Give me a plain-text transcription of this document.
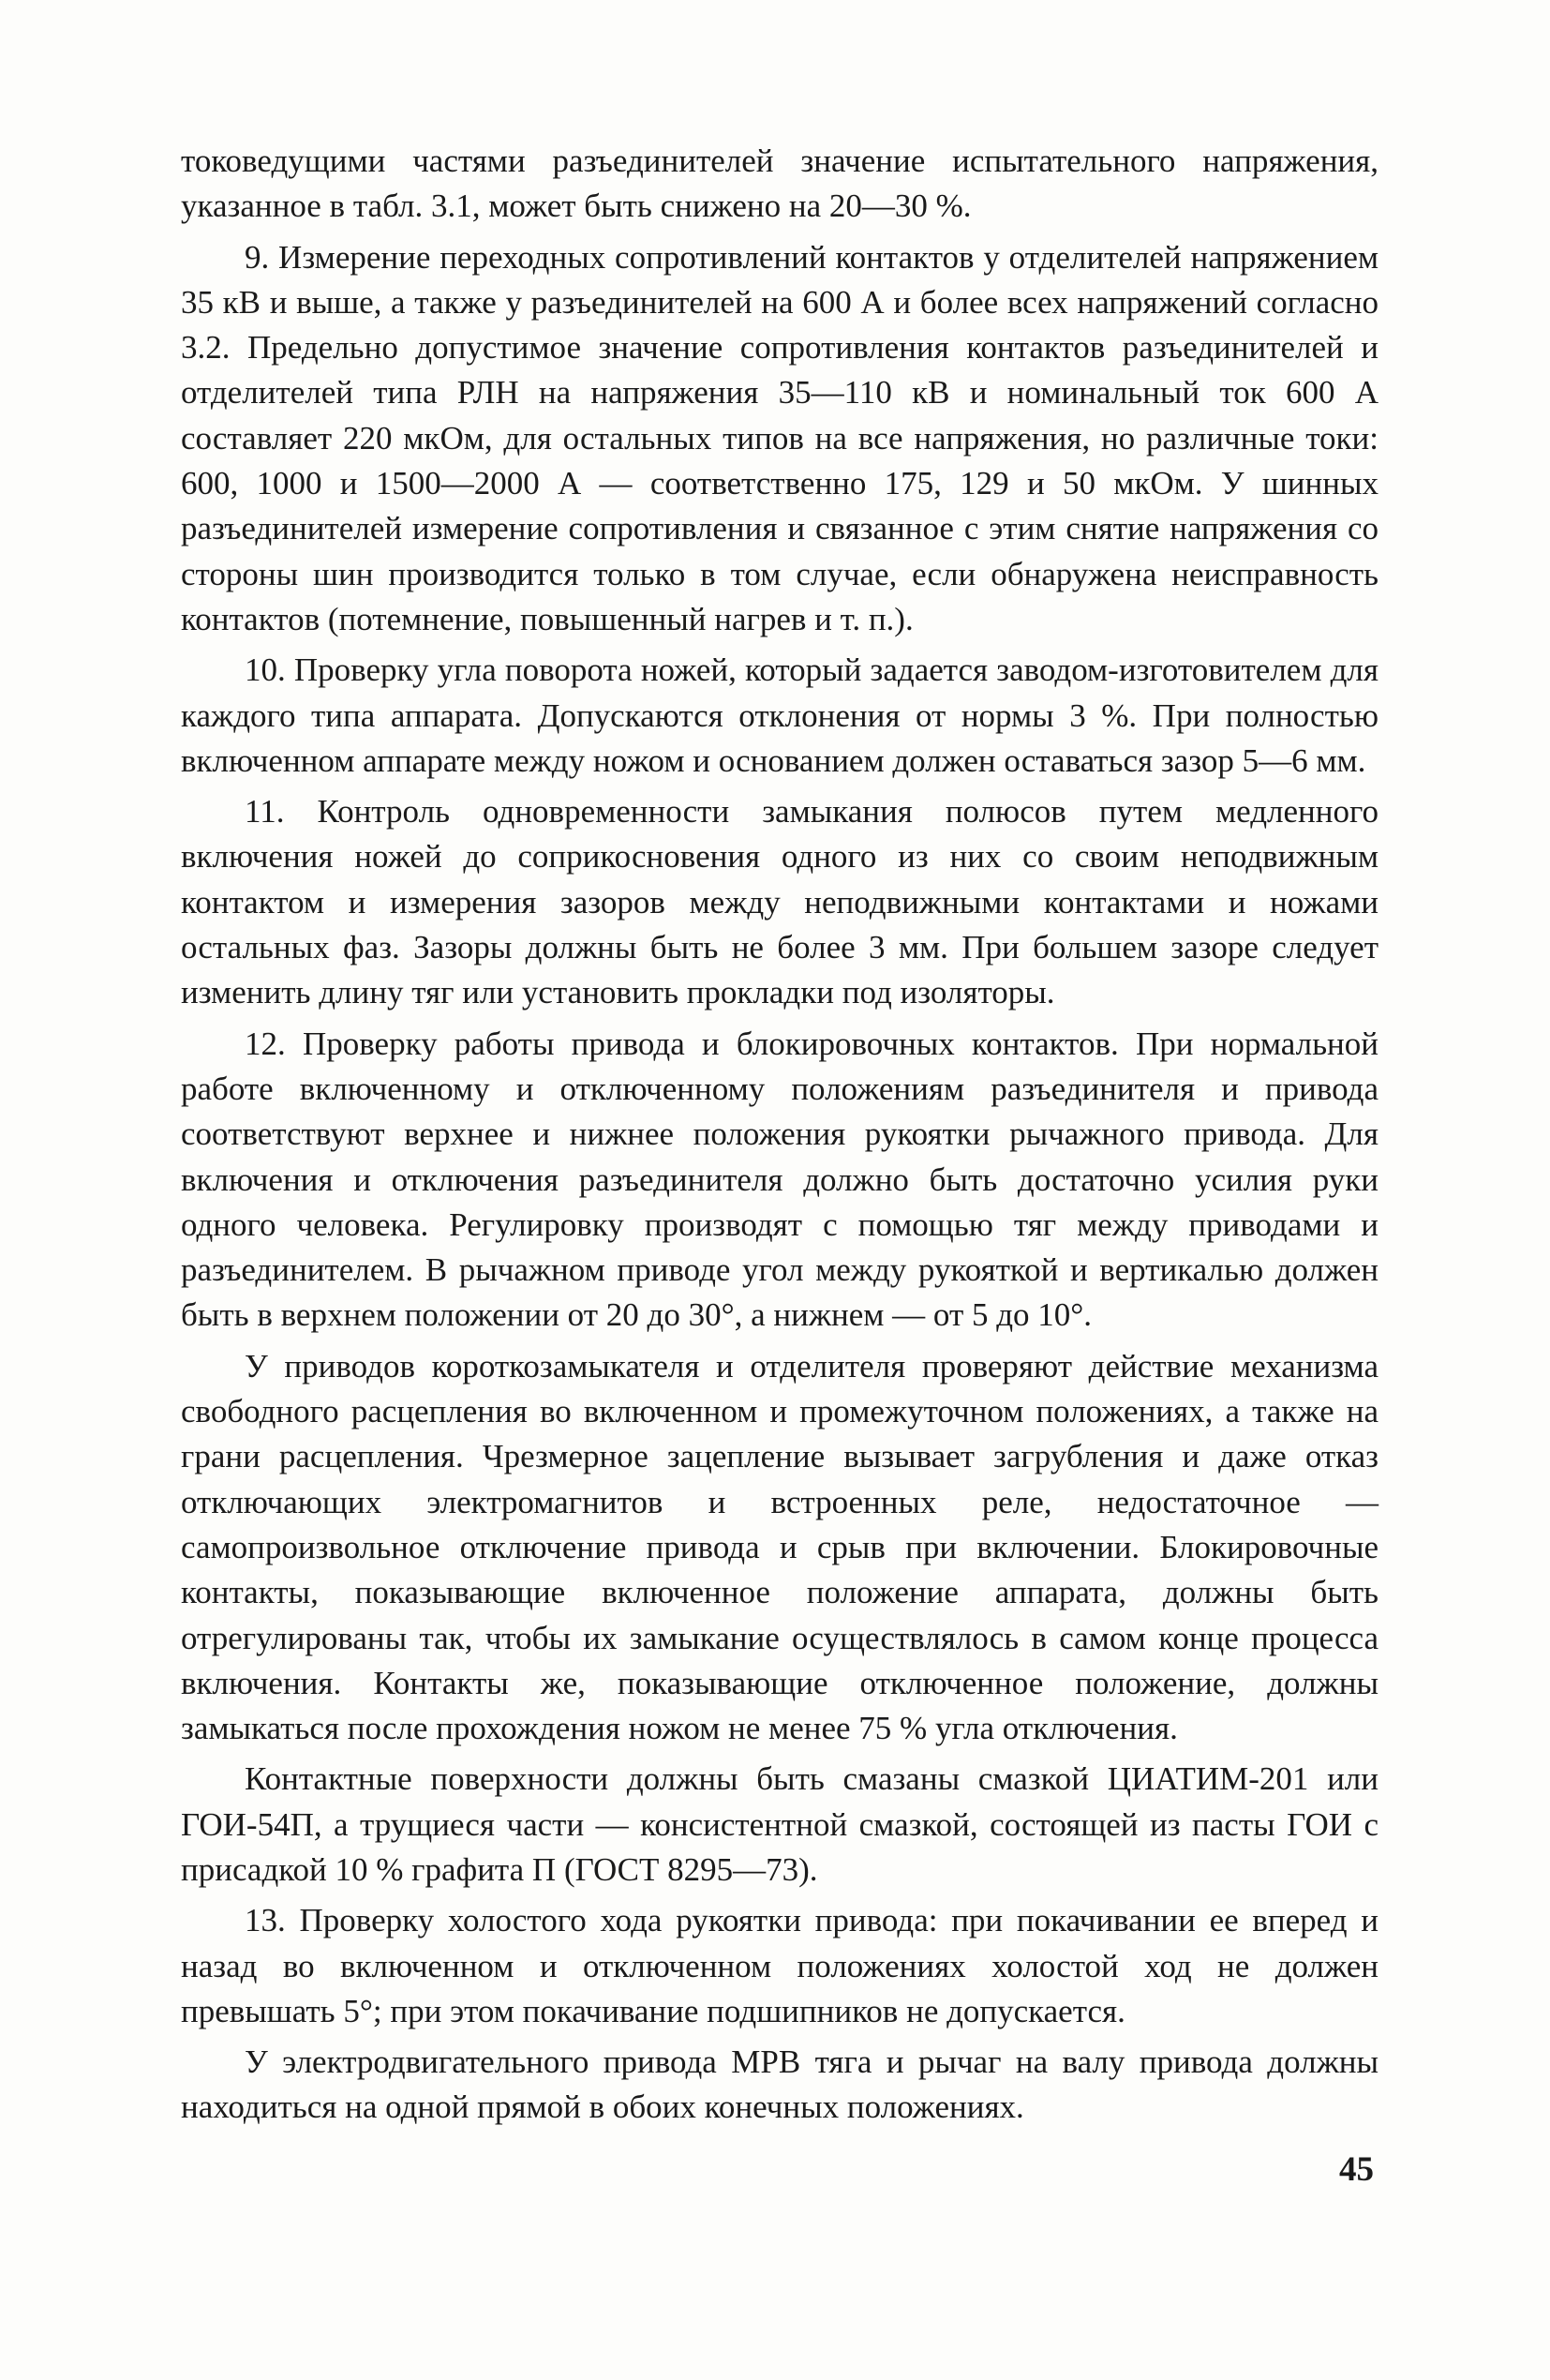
токоведущими частями разъединителей значение испытательного напряжения, указанное в табл. 3.1, может быть снижено на 20—30 %.

9. Измерение переходных сопротивлений контактов у отделителей напряжением 35 кВ и выше, а также у разъединителей на 600 А и более всех напряжений согласно 3.2. Предельно допустимое значение сопротивления контактов разъединителей и отделителей типа РЛН на напряжения 35—110 кВ и номинальный ток 600 А составляет 220 мкОм, для остальных типов на все напряжения, но различные токи: 600, 1000 и 1500—2000 А — соответственно 175, 129 и 50 мкОм. У шинных разъединителей измерение сопротивления и связанное с этим снятие напряжения со стороны шин производится только в том случае, если обнаружена неисправность контактов (потемнение, повышенный нагрев и т. п.).

10. Проверку угла поворота ножей, который задается заводом-изготовителем для каждого типа аппарата. Допускаются отклонения от нормы 3 %. При полностью включенном аппарате между ножом и основанием должен оставаться зазор 5—6 мм.

11. Контроль одновременности замыкания полюсов путем медленного включения ножей до соприкосновения одного из них со своим неподвижным контактом и измерения зазоров между неподвижными контактами и ножами остальных фаз. Зазоры должны быть не более 3 мм. При большем зазоре следует изменить длину тяг или установить прокладки под изоляторы.

12. Проверку работы привода и блокировочных контактов. При нормальной работе включенному и отключенному положениям разъединителя и привода соответствуют верхнее и нижнее положения рукоятки рычажного привода. Для включения и отключения разъединителя должно быть достаточно усилия руки одного человека. Регулировку производят с помощью тяг между приводами и разъединителем. В рычажном приводе угол между рукояткой и вертикалью должен быть в верхнем положении от 20 до 30°, а нижнем — от 5 до 10°.

У приводов короткозамыкателя и отделителя проверяют действие механизма свободного расцепления во включенном и промежуточном положениях, а также на грани расцепления. Чрезмерное зацепление вызывает загрубления и даже отказ отключающих электромагнитов и встроенных реле, недостаточное — самопроизвольное отключение привода и срыв при включении. Блокировочные контакты, показывающие включенное положение аппарата, должны быть отрегулированы так, чтобы их замыкание осуществлялось в самом конце процесса включения. Контакты же, показывающие отключенное положение, должны замыкаться после прохождения ножом не менее 75 % угла отключения.

Контактные поверхности должны быть смазаны смазкой ЦИАТИМ-201 или ГОИ-54П, а трущиеся части — консистентной смазкой, состоящей из пасты ГОИ с присадкой 10 % графита П (ГОСТ 8295—73).

13. Проверку холостого хода рукоятки привода: при покачивании ее вперед и назад во включенном и отключенном положениях холостой ход не должен превышать 5°; при этом покачивание подшипников не допускается.

У электродвигательного привода МРВ тяга и рычаг на валу привода должны находиться на одной прямой в обоих конечных положениях.

45
